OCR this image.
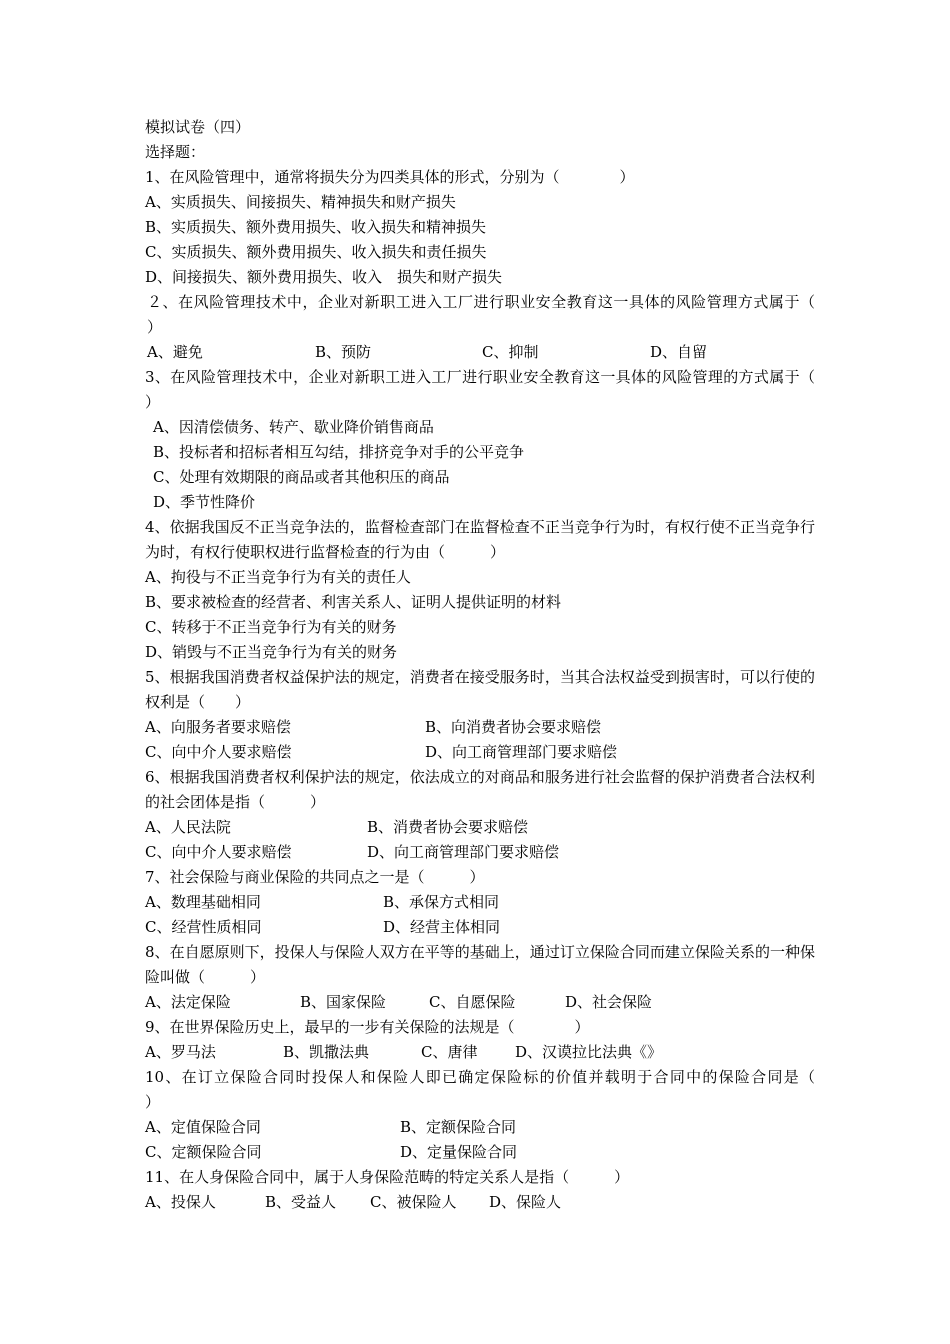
模拟试卷（四）
选择题：
1、在风险管理中，通常将损失分为四类具体的形式，分别为（　　　　）
A、实质损失、间接损失、精神损失和财产损失
B、实质损失、额外费用损失、收入损失和精神损失
C、实质损失、额外费用损失、收入损失和责任损失
D、间接损失、额外费用损失、收入　损失和财产损失
２、在风险管理技术中，企业对新职工进入工厂进行职业安全教育这一具体的风险管理方式属于（　　）

A、避免

	B、预防

	C、抑制

	D、自留

3、在风险管理技术中，企业对新职工进入工厂进行职业安全教育这一具体的风险管理的方式属于（　　　）
A、因清偿债务、转产、歇业降价销售商品
B、投标者和招标者相互勾结，排挤竞争对手的公平竞争
C、处理有效期限的商品或者其他积压的商品
D、季节性降价
4、依据我国反不正当竞争法的，监督检查部门在监督检查不正当竞争行为时，有权行使不正当竞争行为时，有权行使职权进行监督检查的行为由（　　　）
A、拘役与不正当竞争行为有关的责任人
B、要求被检查的经营者、利害关系人、证明人提供证明的材料
C、转移于不正当竞争行为有关的财务
D、销毁与不正当竞争行为有关的财务
5、根据我国消费者权益保护法的规定，消费者在接受服务时，当其合法权益受到损害时，可以行使的权利是（　　）

A、向服务者要求赔偿

	B、向消费者协会要求赔偿

C、向中介人要求赔偿

	D、向工商管理部门要求赔偿

6、根据我国消费者权利保护法的规定，依法成立的对商品和服务进行社会监督的保护消费者合法权利的社会团体是指（　　　）

A、人民法院

	B、消费者协会要求赔偿

C、向中介人要求赔偿

	D、向工商管理部门要求赔偿

7、社会保险与商业保险的共同点之一是（　　　）

A、数理基础相同

	B、承保方式相同

C、经营性质相同

	D、经营主体相同

8、在自愿原则下，投保人与保险人双方在平等的基础上，通过订立保险合同而建立保险关系的一种保险叫做（　　　）

A、法定保险

	B、国家保险

	C、自愿保险

	D、社会保险

9、在世界保险历史上，最早的一步有关保险的法规是（　　　　）

A、罗马法

	B、凯撒法典

	C、唐律

	D、汉谟拉比法典《》

10、在订立保险合同时投保人和保险人即已确定保险标的价值并载明于合同中的保险合同是（　　　）

A、定值保险合同

	B、定额保险合同

C、定额保险合同

	D、定量保险合同

11、在人身保险合同中，属于人身保险范畴的特定关系人是指（　　　）

A、投保人

	B、受益人

C、被保险人

D、保险人
